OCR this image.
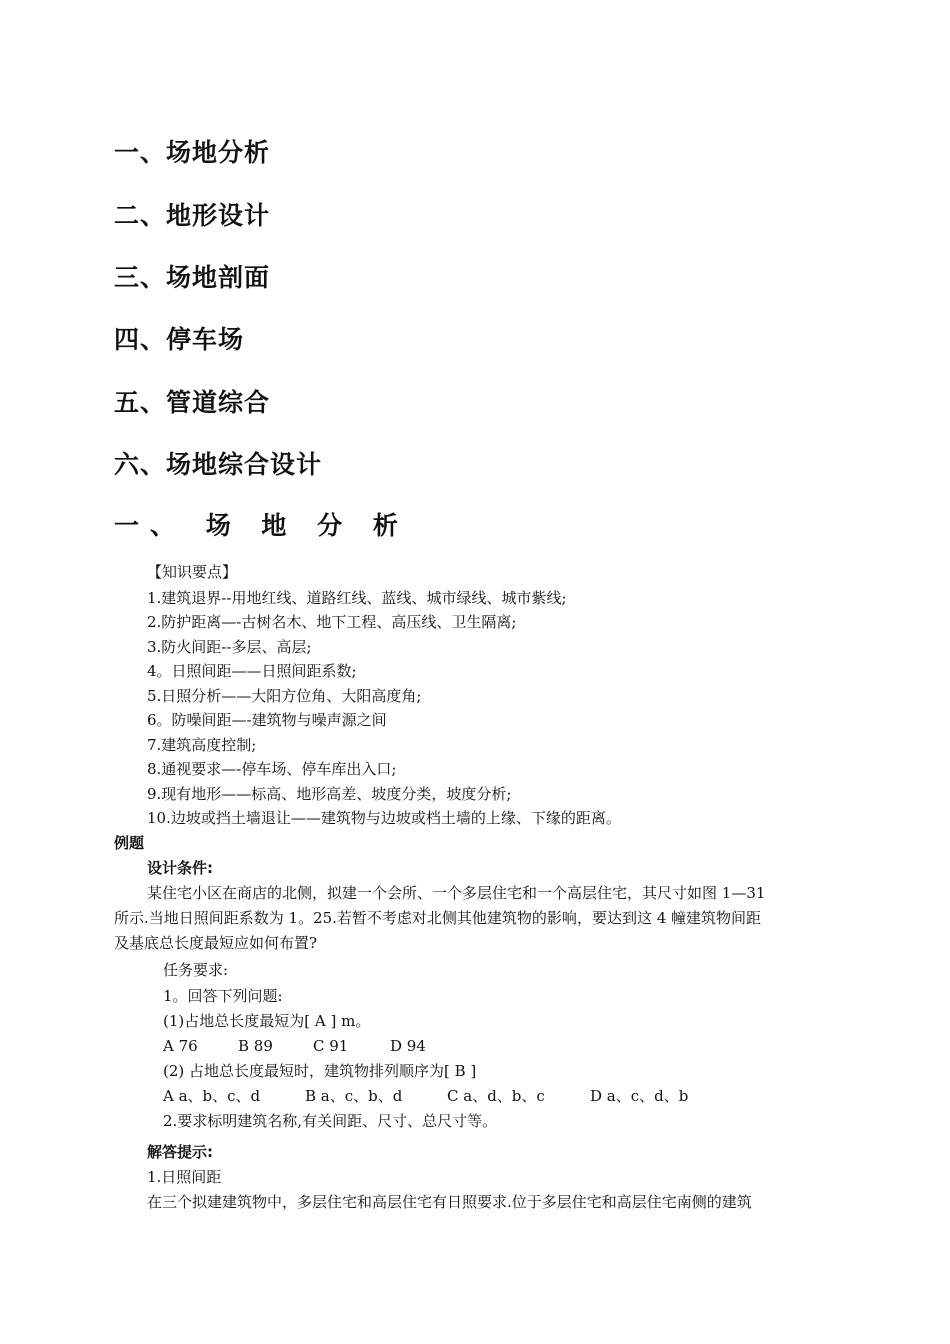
一、场地分析
二、地形设计
三、场地剖面
四、停车场
五、管道综合
六、场地综合设计
一、 场 地 分 析
【知识要点】
1.建筑退界--用地红线、道路红线、蓝线、城市绿线、城市紫线;
2.防护距离—-古树名木、地下工程、高压线、卫生隔离;
3.防火间距--多层、高层;
4。日照间距——日照间距系数;
5.日照分析——大阳方位角、大阳高度角;
6。防噪间距—-建筑物与噪声源之间
7.建筑高度控制;
8.通视要求—-停车场、停车库出入口;
9.现有地形——标高、地形高差、坡度分类，坡度分析;
10.边坡或挡土墙退让——建筑物与边坡或档土墙的上缘、下缘的距离。
例题
设计条件:
某住宅小区在商店的北侧，拟建一个会所、一个多层住宅和一个高层住宅，其尺寸如图 1—31
所示.当地日照间距系数为 1。25.若暂不考虑对北侧其他建筑物的影响，要达到这 4 幢建筑物间距
及基底总长度最短应如何布置?
任务要求:
1。回答下列问题:
(1)占地总长度最短为[ A ] m。
A 76	B 89	C 91	D 94
(2) 占地总长度最短时，建筑物排列顺序为[ B ]
A a、b、c、d	B a、c、b、d	C a、d、b、c	D a、c、d、b
2.要求标明建筑名称,有关间距、尺寸、总尺寸等。
解答提示:
1.日照间距
在三个拟建建筑物中，多层住宅和高层住宅有日照要求.位于多层住宅和高层住宅南侧的建筑
